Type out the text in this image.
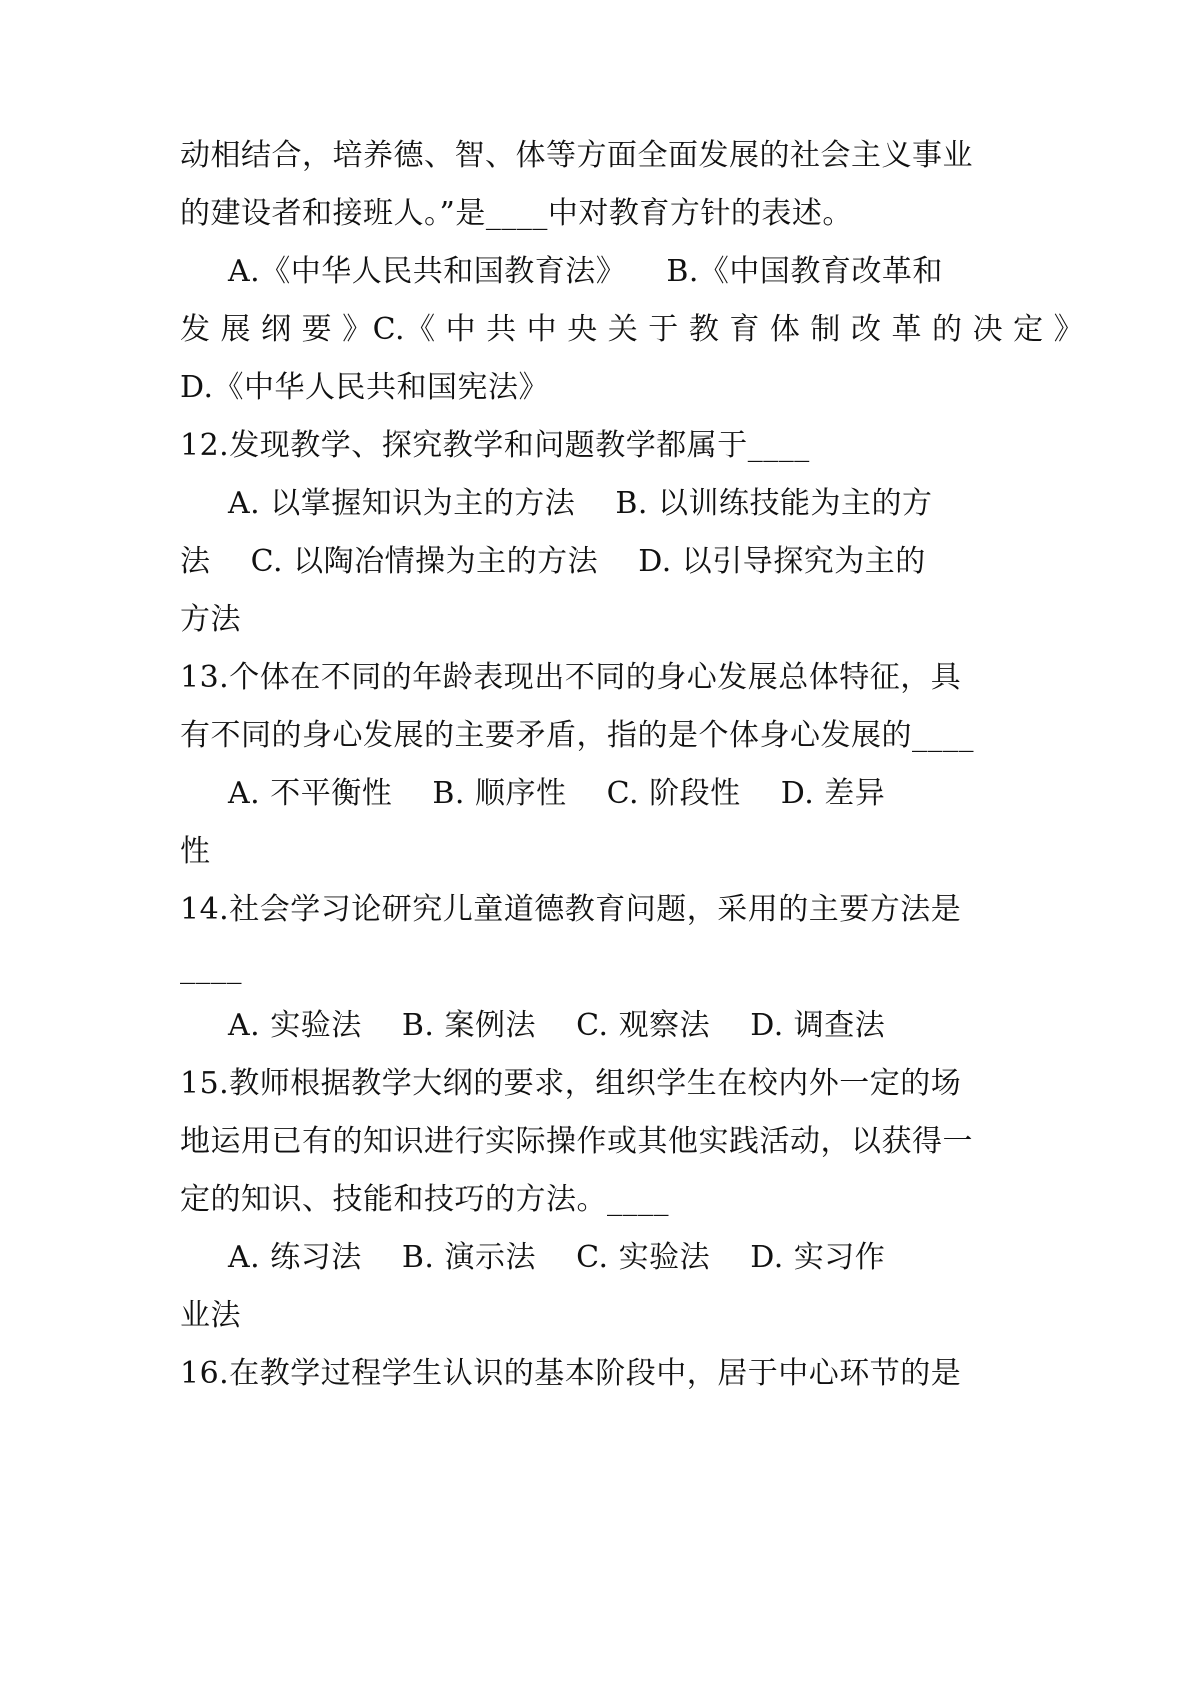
动相结合，培养德、智、体等方面全面发展的社会主义事业
的建设者和接班人。”是____中对教育方针的表述。
A.《中华人民共和国教育法》    B.《中国教育改革和
发 展 纲 要 》C.《 中 共 中 央 关 于 教 育 体 制 改 革 的 决 定 》
D.《中华人民共和国宪法》
12.发现教学、探究教学和问题教学都属于____
A. 以掌握知识为主的方法    B. 以训练技能为主的方
法    C. 以陶冶情操为主的方法    D. 以引导探究为主的
方法
13.个体在不同的年龄表现出不同的身心发展总体特征，具
有不同的身心发展的主要矛盾，指的是个体身心发展的____
A. 不平衡性    B. 顺序性    C. 阶段性    D. 差异
性
14.社会学习论研究儿童道德教育问题，采用的主要方法是
____
A. 实验法    B. 案例法    C. 观察法    D. 调查法
15.教师根据教学大纲的要求，组织学生在校内外一定的场
地运用已有的知识进行实际操作或其他实践活动，以获得一
定的知识、技能和技巧的方法。____
A. 练习法    B. 演示法    C. 实验法    D. 实习作
业法
16.在教学过程学生认识的基本阶段中，居于中心环节的是
